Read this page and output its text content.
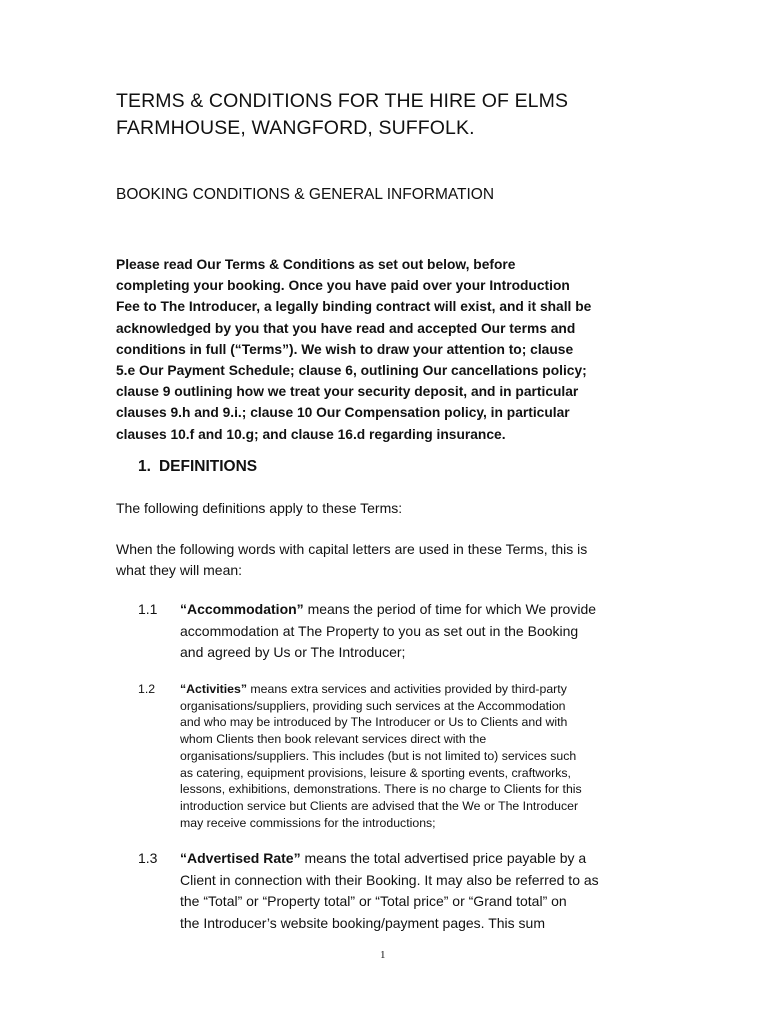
TERMS & CONDITIONS FOR THE HIRE OF ELMS
FARMHOUSE, WANGFORD, SUFFOLK.
BOOKING CONDITIONS & GENERAL INFORMATION

Please read Our Terms & Conditions as set out below, before
completing your booking. Once you have paid over your Introduction
Fee to The Introducer, a legally binding contract will exist, and it shall be
acknowledged by you that you have read and accepted Our terms and
conditions in full (“Terms”). We wish to draw your attention to; clause
5.e Our Payment Schedule; clause 6, outlining Our cancellations policy;
clause 9 outlining how we treat your security deposit, and in particular
clauses 9.h and 9.i.; clause 10 Our Compensation policy, in particular
clauses 10.f and 10.g; and clause 16.d regarding insurance.

1. DEFINITIONS

The following definitions apply to these Terms:

When the following words with capital letters are used in these Terms, this is
what they will mean:

1.1 “Accommodation” means the period of time for which We provide
accommodation at The Property to you as set out in the Booking
and agreed by Us or The Introducer;
1.2 “Activities” means extra services and activities provided by third-party
organisations/suppliers, providing such services at the Accommodation
and who may be introduced by The Introducer or Us to Clients and with
whom Clients then book relevant services direct with the
organisations/suppliers. This includes (but is not limited to) services such
as catering, equipment provisions, leisure & sporting events, craftworks,
lessons, exhibitions, demonstrations. There is no charge to Clients for this
introduction service but Clients are advised that the We or The Introducer
may receive commissions for the introductions;
1.3 “Advertised Rate” means the total advertised price payable by a
Client in connection with their Booking. It may also be referred to as
the “Total” or “Property total” or “Total price” or “Grand total” on
the Introducer’s website booking/payment pages. This sum
1
